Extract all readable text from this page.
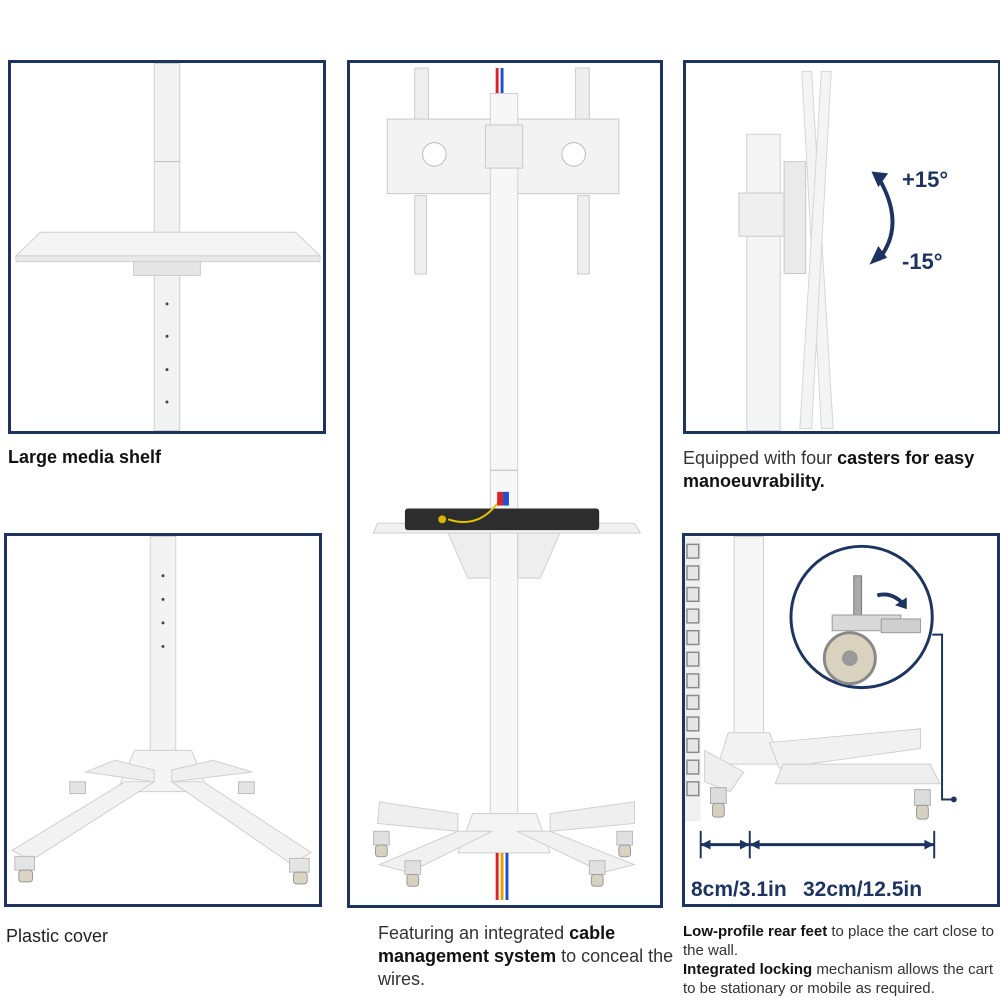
Large media shelf
Plastic cover	Featuring an integrated cable management system to conceal the wires.
+15°
-15°
Equipped with four casters for easy manoeuvrability.
8cm/3.1in 32cm/12.5in
Low-profile rear feet to place the cart close to the wall.
Integrated locking mechanism allows the cart to be stationary or mobile as required.
